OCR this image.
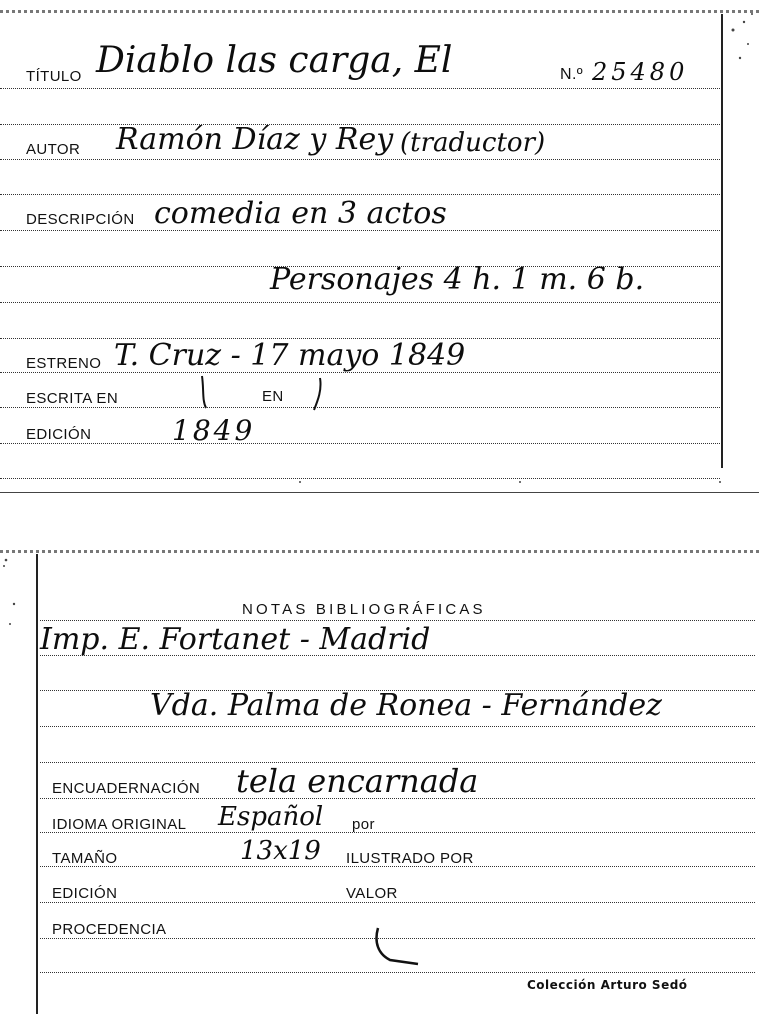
TÍTULO Diablo las carga, El	N.º 25480
AUTOR Ramón Díaz y Rey (traductor)
DESCRIPCIÓN comedia en 3 actos
Personajes 4 h. 1 m. 6 b.
ESTRENO T. Cruz - 17 mayo 1849
ESCRITA EN	EN
EDICIÓN	1849
NOTAS BIBLIOGRÁFICAS
Imp. E. Fortanet - Madrid
Vda. Palma de Ronea - Fernández
ENCUADERNACIÓN tela encarnada
IDIOMA ORIGINAL Español por
TAMAÑO	13x19 ILUSTRADO POR
EDICIÓN	VALOR
PROCEDENCIA
Colección Arturo Sedó
